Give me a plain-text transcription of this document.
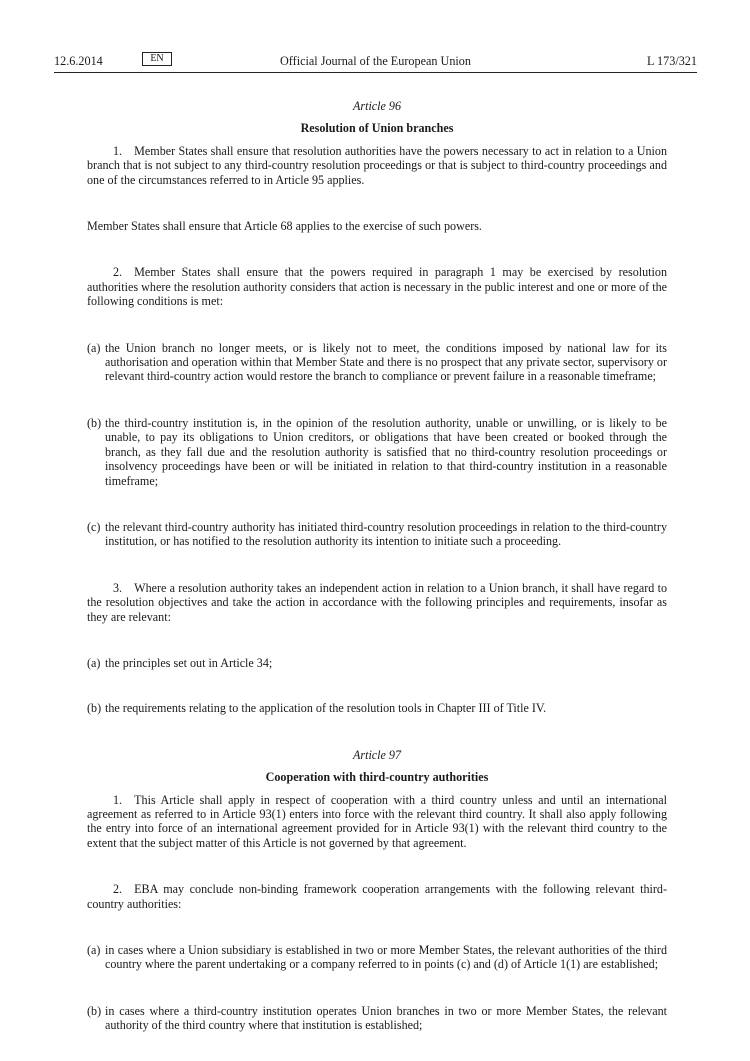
12.6.2014	EN	Official Journal of the European Union	L 173/321
Article 96
Resolution of Union branches

1. Member States shall ensure that resolution authorities have the powers necessary to act in relation to a Union branch that is not subject to any third-country resolution proceedings or that is subject to third-country proceedings and one of the circumstances referred to in Article 95 applies.

Member States shall ensure that Article 68 applies to the exercise of such powers.

2. Member States shall ensure that the powers required in paragraph 1 may be exercised by resolution authorities where the resolution authority considers that action is necessary in the public interest and one or more of the following conditions is met:

(a) the Union branch no longer meets, or is likely not to meet, the conditions imposed by national law for its authorisation and operation within that Member State and there is no prospect that any private sector, supervisory or relevant third-country action would restore the branch to compliance or prevent failure in a reasonable timeframe;
(b) the third-country institution is, in the opinion of the resolution authority, unable or unwilling, or is likely to be unable, to pay its obligations to Union creditors, or obligations that have been created or booked through the branch, as they fall due and the resolution authority is satisfied that no third-country resolution proceedings or insolvency proceedings have been or will be initiated in relation to that third-country institution in a reasonable timeframe;
(c) the relevant third-country authority has initiated third-country resolution proceedings in relation to the third-country institution, or has notified to the resolution authority its intention to initiate such a proceeding.

3. Where a resolution authority takes an independent action in relation to a Union branch, it shall have regard to the resolution objectives and take the action in accordance with the following principles and requirements, insofar as they are relevant:

(a) the principles set out in Article 34;
(b) the requirements relating to the application of the resolution tools in Chapter III of Title IV.
Article 97
Cooperation with third-country authorities

1. This Article shall apply in respect of cooperation with a third country unless and until an international agreement as referred to in Article 93(1) enters into force with the relevant third country. It shall also apply following the entry into force of an international agreement provided for in Article 93(1) with the relevant third country to the extent that the subject matter of this Article is not governed by that agreement.

2. EBA may conclude non-binding framework cooperation arrangements with the following relevant third-country authorities:

(a) in cases where a Union subsidiary is established in two or more Member States, the relevant authorities of the third country where the parent undertaking or a company referred to in points (c) and (d) of Article 1(1) are established;
(b) in cases where a third-country institution operates Union branches in two or more Member States, the relevant authority of the third country where that institution is established;
